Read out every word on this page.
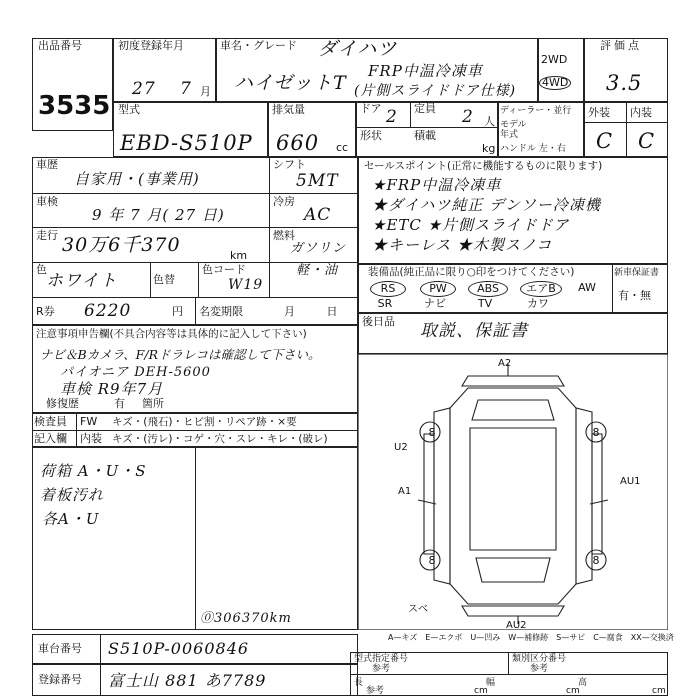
出品番号
3535
初度登録年月
27 7 月
車名・グレード ダイハツ
ハイゼットT
FRP中温冷凍車
(片側スライドドア仕様)
2WD
4WD
評価点
3.5
型式
EBD-S510P
排気量
660 cc
ドア 2 定員 2 人
形状	積載
kg
ディーラー・並行
モデル年式
ハンドル 左・右
外装 内装
C C
車歴
自家用・(事業用)
シフト
5MT
車検
9 年 7 月( 27 日)
冷房
AC
走行 30万6千370	km
燃料
ガソリン
軽・油
色
ホワイト	色替
色コード
W19
R券 6220	円 名変期限	月 日
セールスポイント(正常に機能するものに限ります)
★FRP中温冷凍車
★ダイハツ純正 デンソー冷凍機
★ETC ★片側スライドドア
★キーレス ★木製スノコ
装備品(純正品に限り○印をつけてください)	新車保証書
有・無
RS	PW	ABS	エアB	AW
SR	ナビ	TV	カワ
注意事項申告欄(不具合内容等は具体的に記入して下さい)
ナビ＆Bカメラ、F/Rドラレコは確認して下さい。
パイオニア DEH-5600
車検 R9年7月
修復歴	有 箇所
後日品 取説、保証書
検査員
記入欄
FW キズ・(飛石)・ヒビ割・リペア跡・×要
内装 キズ・(汚レ)・コゲ・穴・スレ・キレ・(破レ)
荷箱 A・U・S
着板汚れ
各A・U
⓪306370km
8	8
8	8
A2
U2
A1
AU1
AU2
スベ
A—キズ　E—エクボ　U—凹み　W—補修跡　S—サビ　C—腐食　XX—交換済
車台番号 S510P-0060846
登録番号 富士山 881 あ7789
型式指定番号
参考
類別区分番号
参考
長
参考	cm
幅
cm
高
cm
